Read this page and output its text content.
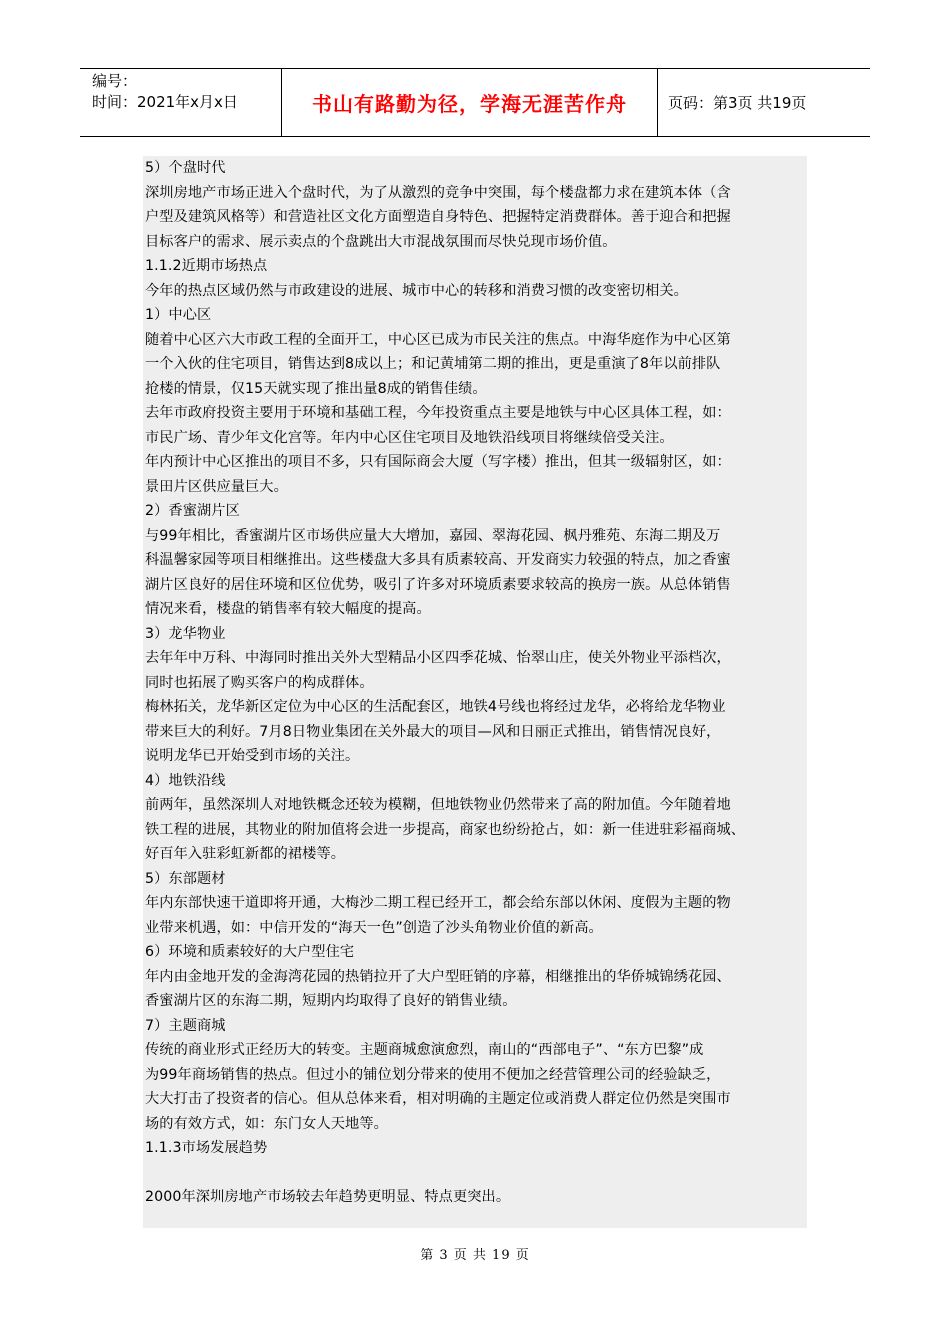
编号：
时间：2021年x月x日	书山有路勤为径，学海无涯苦作舟	页码：第3页 共19页

5）个盘时代

深圳房地产市场正进入个盘时代，为了从激烈的竞争中突围，每个楼盘都力求在建筑本体（含

户型及建筑风格等）和营造社区文化方面塑造自身特色、把握特定消费群体。善于迎合和把握

目标客户的需求、展示卖点的个盘跳出大市混战氛围而尽快兑现市场价值。

1.1.2近期市场热点

今年的热点区域仍然与市政建设的进展、城市中心的转移和消费习惯的改变密切相关。

1）中心区

随着中心区六大市政工程的全面开工，中心区已成为市民关注的焦点。中海华庭作为中心区第

一个入伙的住宅项目，销售达到8成以上；和记黄埔第二期的推出，更是重演了8年以前排队

抢楼的情景，仅15天就实现了推出量8成的销售佳绩。

去年市政府投资主要用于环境和基础工程，今年投资重点主要是地铁与中心区具体工程，如：

市民广场、青少年文化宫等。年内中心区住宅项目及地铁沿线项目将继续倍受关注。

年内预计中心区推出的项目不多，只有国际商会大厦（写字楼）推出，但其一级辐射区，如：

景田片区供应量巨大。

2）香蜜湖片区

与99年相比，香蜜湖片区市场供应量大大增加，嘉园、翠海花园、枫丹雅苑、东海二期及万

科温馨家园等项目相继推出。这些楼盘大多具有质素较高、开发商实力较强的特点，加之香蜜

湖片区良好的居住环境和区位优势，吸引了许多对环境质素要求较高的换房一族。从总体销售

情况来看，楼盘的销售率有较大幅度的提高。

3）龙华物业

去年年中万科、中海同时推出关外大型精品小区四季花城、怡翠山庄，使关外物业平添档次，

同时也拓展了购买客户的构成群体。

梅林拓关，龙华新区定位为中心区的生活配套区，地铁4号线也将经过龙华，必将给龙华物业

带来巨大的利好。7月8日物业集团在关外最大的项目—风和日丽正式推出，销售情况良好，

说明龙华已开始受到市场的关注。

4）地铁沿线

前两年，虽然深圳人对地铁概念还较为模糊，但地铁物业仍然带来了高的附加值。今年随着地

铁工程的进展，其物业的附加值将会进一步提高，商家也纷纷抢占，如：新一佳进驻彩福商城、

好百年入驻彩虹新都的裙楼等。

5）东部题材

年内东部快速干道即将开通，大梅沙二期工程已经开工，都会给东部以休闲、度假为主题的物

业带来机遇，如：中信开发的“海天一色”创造了沙头角物业价值的新高。

6）环境和质素较好的大户型住宅

年内由金地开发的金海湾花园的热销拉开了大户型旺销的序幕，相继推出的华侨城锦绣花园、

香蜜湖片区的东海二期，短期内均取得了良好的销售业绩。

7）主题商城

传统的商业形式正经历大的转变。主题商城愈演愈烈，南山的“西部电子”、“东方巴黎”成

为99年商场销售的热点。但过小的铺位划分带来的使用不便加之经营管理公司的经验缺乏，

大大打击了投资者的信心。但从总体来看，相对明确的主题定位或消费人群定位仍然是突围市

场的有效方式，如：东门女人天地等。

1.1.3市场发展趋势

2000年深圳房地产市场较去年趋势更明显、特点更突出。

第 3 页 共 19 页
